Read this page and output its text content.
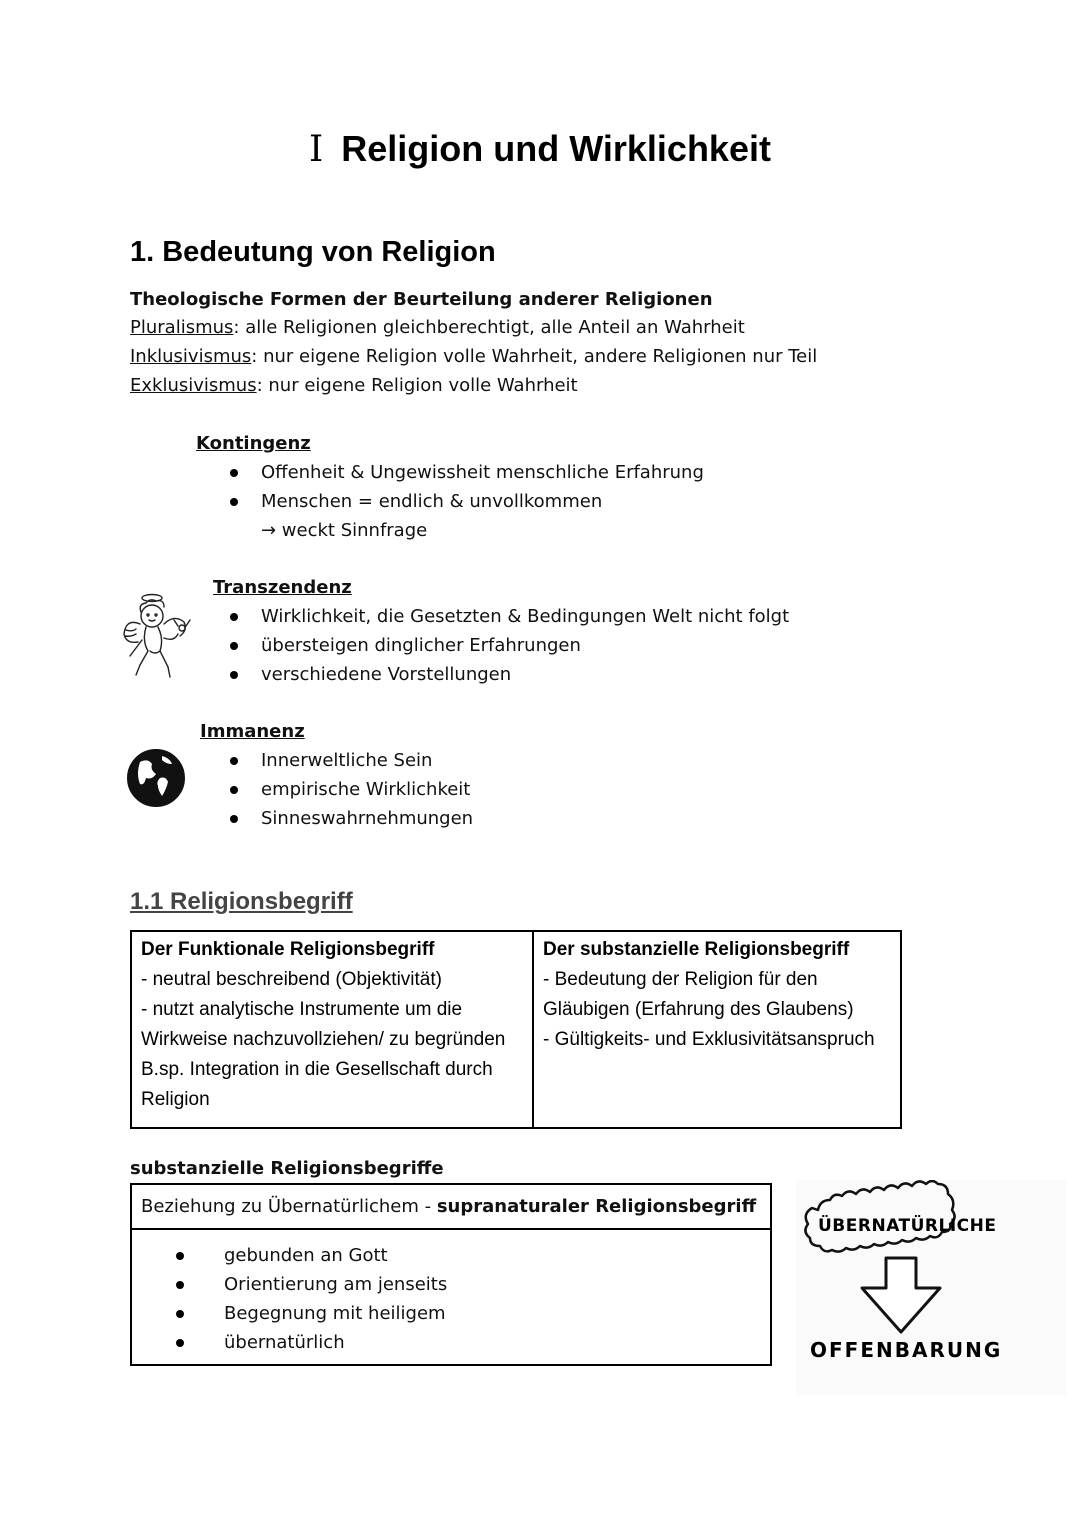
I Religion und Wirklichkeit
1. Bedeutung von Religion
Theologische Formen der Beurteilung anderer Religionen
Pluralismus: alle Religionen gleichberechtigt, alle Anteil an Wahrheit
Inklusivismus: nur eigene Religion volle Wahrheit, andere Religionen nur Teil
Exklusivismus: nur eigene Religion volle Wahrheit
Kontingenz
Offenheit & Ungewissheit menschliche Erfahrung
Menschen = endlich & unvollkommen
→ weckt Sinnfrage
Transzendenz
Wirklichkeit, die Gesetzten & Bedingungen Welt nicht folgt
übersteigen dinglicher Erfahrungen
verschiedene Vorstellungen
Immanenz
Innerweltliche Sein
empirische Wirklichkeit
Sinneswahrnehmungen
1.1 Religionsbegriff
Der Funktionale Religionsbegriff
- neutral beschreibend (Objektivität)
- nutzt analytische Instrumente um die Wirkweise nachzuvollziehen/ zu begründen
B.sp. Integration in die Gesellschaft durch Religion

Der substanzielle Religionsbegriff
- Bedeutung der Religion für den Gläubigen (Erfahrung des Glaubens)
- Gültigkeits- und Exklusivitätsanspruch
substanzielle Religionsbegriffe
Beziehung zu Übernatürlichem - supranaturaler Religionsbegriff
gebunden an Gott
Orientierung am jenseits
Begegnung mit heiligem
übernatürlich
ÜBERNATÜRLICHE
OFFENBARUNG
